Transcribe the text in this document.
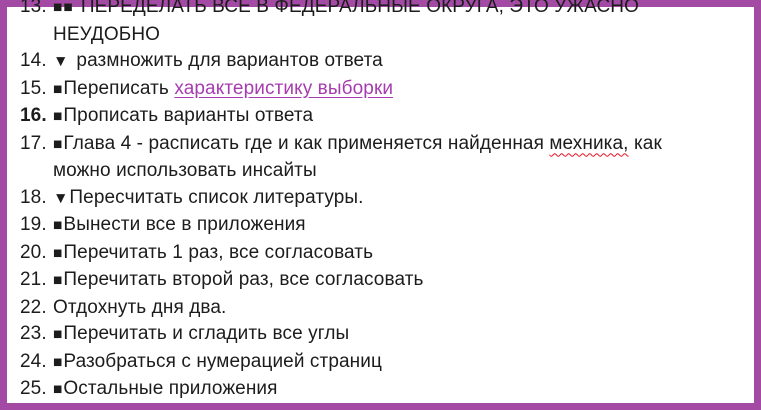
13. ■■ ПЕРЕДЕЛАТЬ ВСЕ В ФЕДЕРАЛЬНЫЕ ОКРУГА, ЭТО УЖАСНО
НЕУДОБНО
14. ▼ размножить для вариантов ответа
15. ■Переписать характеристику выборки
16. ■Прописать варианты ответа
17. ■Глава 4 - расписать где и как применяется найденная мехника, как
можно использовать инсайты
18. ▼Пересчитать список литературы.
19. ■Вынести все в приложения
20. ■Перечитать 1 раз, все согласовать
21. ■Перечитать второй раз, все согласовать
22. Отдохнуть дня два.
23. ■Перечитать и сгладить все углы
24. ■Разобраться с нумерацией страниц
25. ■Остальные приложения
